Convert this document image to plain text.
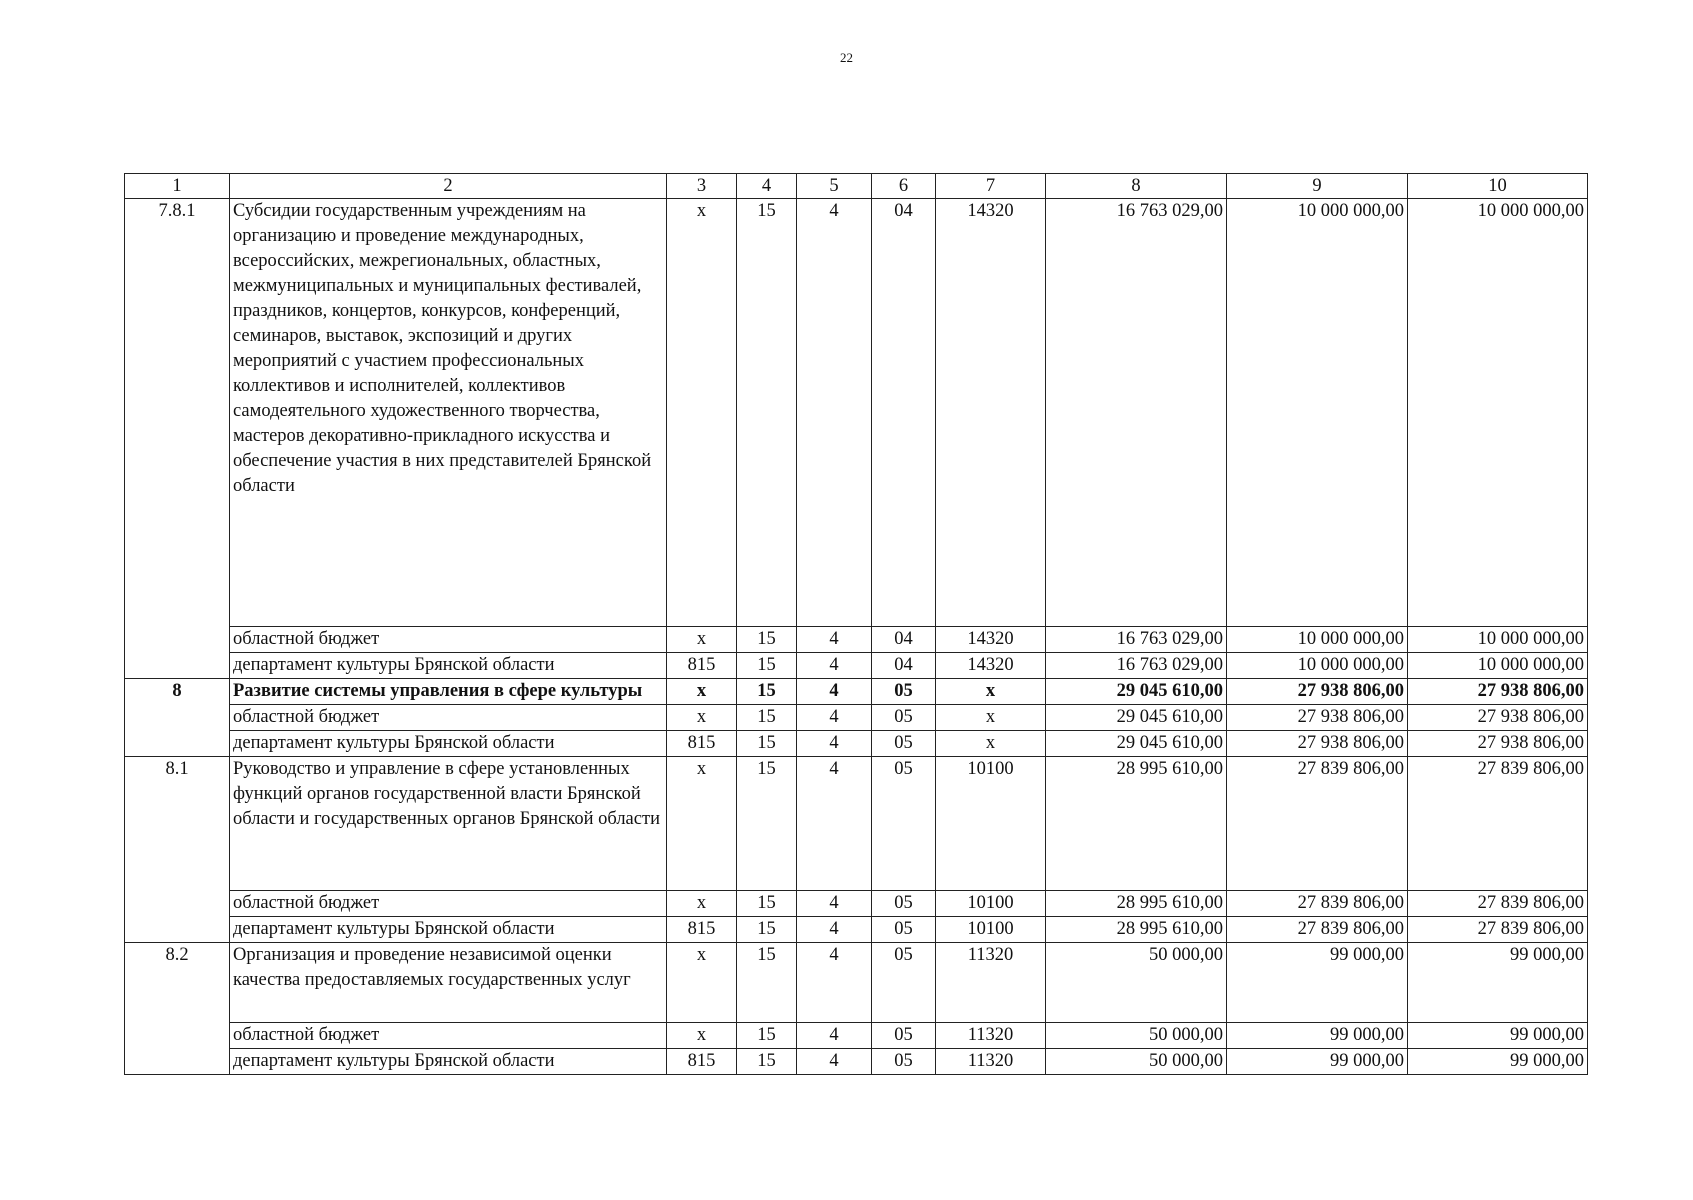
22
1	2	3	4	5	6	7	8	9	10
7.8.1	Субсидии государственным учреждениям на организацию и проведение международных, всероссийских, межрегиональных, областных, межмуниципальных и муниципальных фестивалей, праздников, концертов, конкурсов, конференций, семинаров, выставок, экспозиций и других мероприятий с участием профессиональных коллективов и исполнителей, коллективов самодеятельного художественного творчества, мастеров декоративно-прикладного искусства и обеспечение участия в них представителей Брянской области	х	15	4	04	14320	16 763 029,00	10 000 000,00	10 000 000,00
	областной бюджет	х	15	4	04	14320	16 763 029,00	10 000 000,00	10 000 000,00
	департамент культуры Брянской области	815	15	4	04	14320	16 763 029,00	10 000 000,00	10 000 000,00
8	Развитие системы управления в сфере культуры	х	15	4	05	х	29 045 610,00	27 938 806,00	27 938 806,00
	областной бюджет	х	15	4	05	х	29 045 610,00	27 938 806,00	27 938 806,00
	департамент культуры Брянской области	815	15	4	05	х	29 045 610,00	27 938 806,00	27 938 806,00
8.1	Руководство и управление в сфере установленных функций органов государственной власти Брянской области и государственных органов Брянской области	х	15	4	05	10100	28 995 610,00	27 839 806,00	27 839 806,00
	областной бюджет	х	15	4	05	10100	28 995 610,00	27 839 806,00	27 839 806,00
	департамент культуры Брянской области	815	15	4	05	10100	28 995 610,00	27 839 806,00	27 839 806,00
8.2	Организация и проведение независимой оценки качества предоставляемых государственных услуг	х	15	4	05	11320	50 000,00	99 000,00	99 000,00
	областной бюджет	х	15	4	05	11320	50 000,00	99 000,00	99 000,00
	департамент культуры Брянской области	815	15	4	05	11320	50 000,00	99 000,00	99 000,00
